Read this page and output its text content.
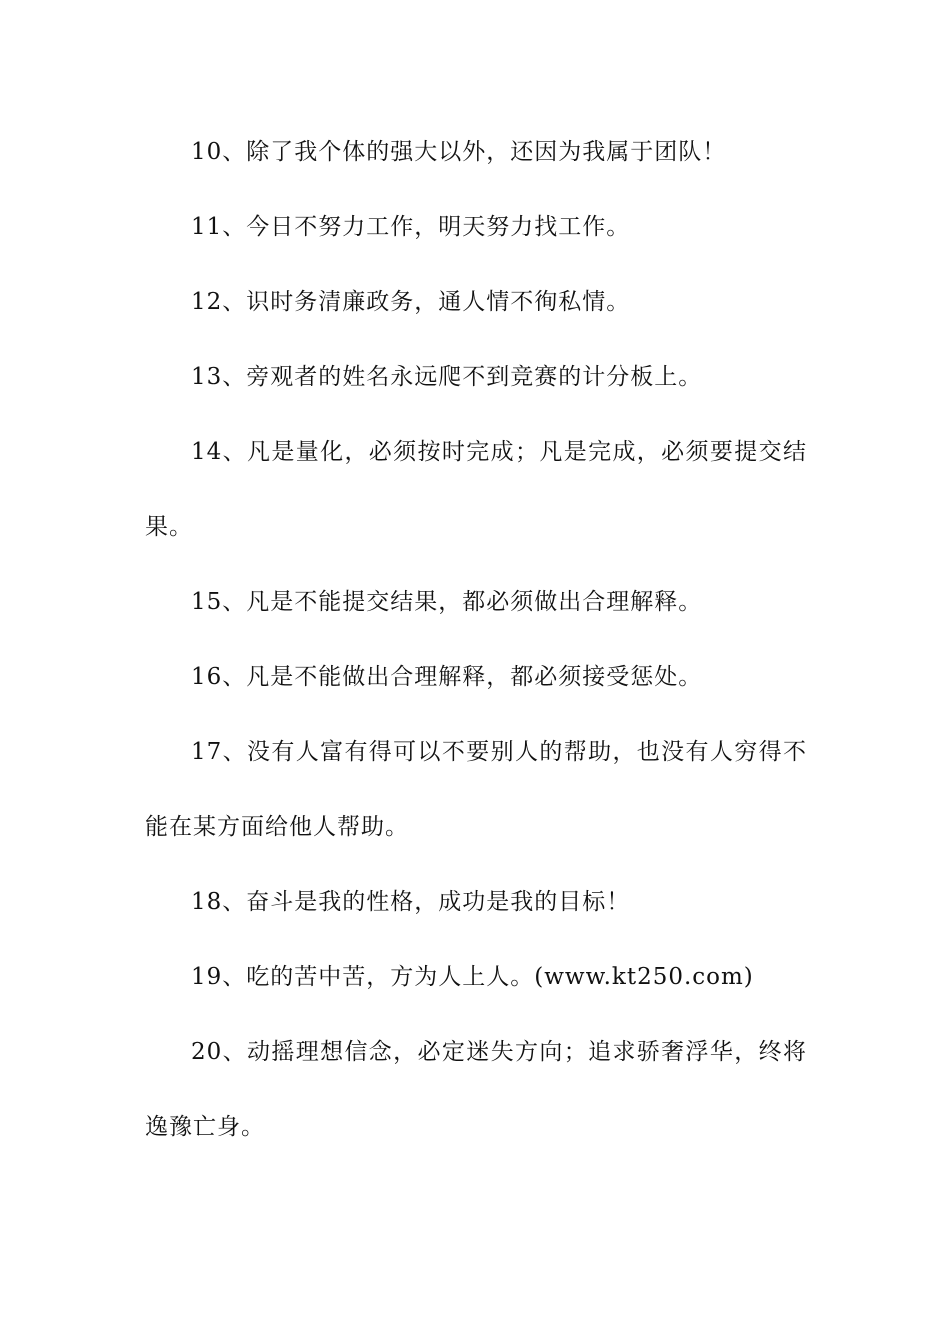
10、除了我个体的强大以外，还因为我属于团队！

11、今日不努力工作，明天努力找工作。

12、识时务清廉政务，通人情不徇私情。

13、旁观者的姓名永远爬不到竞赛的计分板上。

14、凡是量化，必须按时完成；凡是完成，必须要提交结果。

15、凡是不能提交结果，都必须做出合理解释。

16、凡是不能做出合理解释，都必须接受惩处。

17、没有人富有得可以不要别人的帮助，也没有人穷得不能在某方面给他人帮助。

18、奋斗是我的性格，成功是我的目标！

19、吃的苦中苦，方为人上人。(www.kt250.com)

20、动摇理想信念，必定迷失方向；追求骄奢浮华，终将逸豫亡身。
